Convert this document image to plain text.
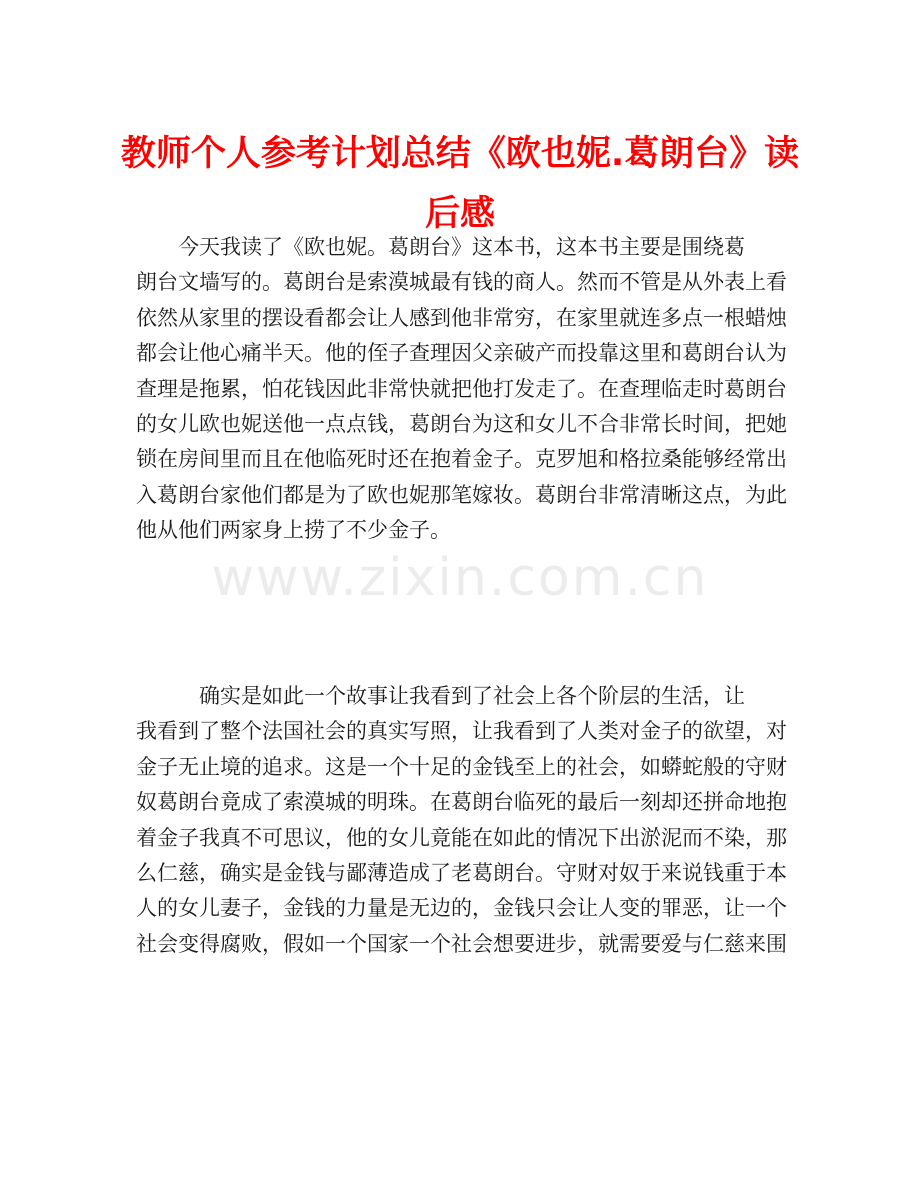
教师个人参考计划总结《欧也妮.葛朗台》读
后感
www.zixin.com.cn

　　今天我读了《欧也妮。葛朗台》这本书，这本书主要是围绕葛
朗台文墙写的。葛朗台是索漠城最有钱的商人。然而不管是从外表上看
依然从家里的摆设看都会让人感到他非常穷，在家里就连多点一根蜡烛
都会让他心痛半天。他的侄子查理因父亲破产而投靠这里和葛朗台认为
查理是拖累，怕花钱因此非常快就把他打发走了。在查理临走时葛朗台
的女儿欧也妮送他一点点钱，葛朗台为这和女儿不合非常长时间，把她
锁在房间里而且在他临死时还在抱着金子。克罗旭和格拉桑能够经常出
入葛朗台家他们都是为了欧也妮那笔嫁妆。葛朗台非常清晰这点，为此
他从他们两家身上捞了不少金子。

　　　确实是如此一个故事让我看到了社会上各个阶层的生活，让
我看到了整个法国社会的真实写照，让我看到了人类对金子的欲望，对
金子无止境的追求。这是一个十足的金钱至上的社会，如蟒蛇般的守财
奴葛朗台竟成了索漠城的明珠。在葛朗台临死的最后一刻却还拼命地抱
着金子我真不可思议，他的女儿竟能在如此的情况下出淤泥而不染，那
么仁慈，确实是金钱与鄙薄造成了老葛朗台。守财对奴于来说钱重于本
人的女儿妻子，金钱的力量是无边的，金钱只会让人变的罪恶，让一个
社会变得腐败，假如一个国家一个社会想要进步，就需要爱与仁慈来围
